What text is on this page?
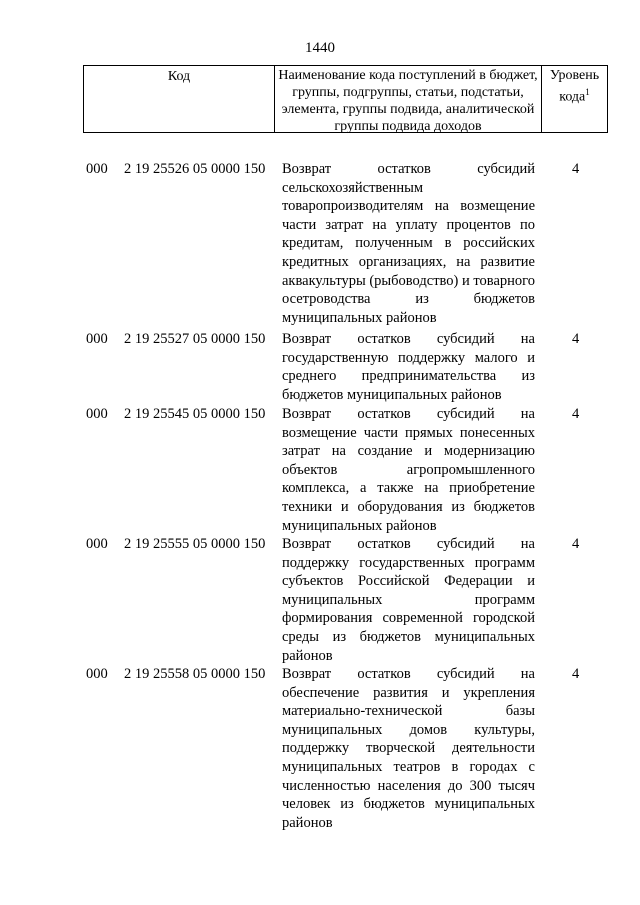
1440
Код	Наименование кода поступлений в бюджет, группы, подгруппы, статьи, подстатьи, элемента, группы подвида, аналитической группы подвида доходов
Уровень кода$^1$
000 2 19 25526 05 0000 150 Возврат остатков субсидий сельскохозяйственным товаропроизводителям на возмещение части затрат на уплату процентов по кредитам, полученным в российских кредитных организациях, на развитие аквакультуры (рыбоводство) и товарного осетроводства из бюджетов муниципальных районов
4
000 2 19 25527 05 0000 150 Возврат остатков субсидий на государственную поддержку малого и среднего предпринимательства из бюджетов муниципальных районов
4
000 2 19 25545 05 0000 150 Возврат остатков субсидий на возмещение части прямых понесенных затрат на создание и модернизацию объектов агропромышленного комплекса, а также на приобретение техники и оборудования из бюджетов муниципальных районов
4
000 2 19 25555 05 0000 150 Возврат остатков субсидий на поддержку государственных программ субъектов Российской Федерации и муниципальных программ формирования современной городской среды из бюджетов муниципальных районов
4
000 2 19 25558 05 0000 150 Возврат остатков субсидий на обеспечение развития и укрепления материально-технической базы муниципальных домов культуры, поддержку творческой деятельности муниципальных театров в городах с численностью населения до 300 тысяч человек из бюджетов муниципальных районов
4
